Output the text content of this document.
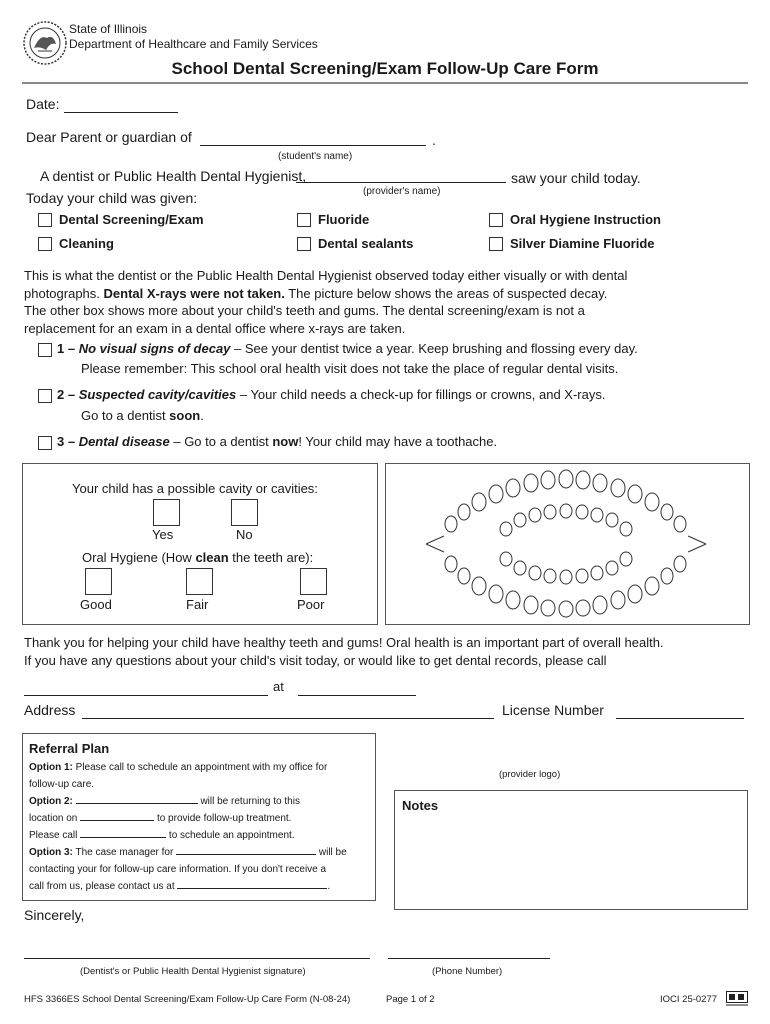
State of Illinois
Department of Healthcare and Family Services
School Dental Screening/Exam Follow-Up Care Form
Date:
Dear Parent or guardian of	.
(student's name)
A dentist or Public Health Dental Hygienist,	saw your child today.
(provider's name)
Today your child was given:
Dental Screening/Exam	Fluoride	Oral Hygiene Instruction
Cleaning	Dental sealants	Silver Diamine Fluoride
This is what the dentist or the Public Health Dental Hygienist observed today either visually or with dental
photographs. Dental X-rays were not taken. The picture below shows the areas of suspected decay.
The other box shows more about your child's teeth and gums. The dental screening/exam is not a
replacement for an exam in a dental office where x-rays are taken.
1 – No visual signs of decay – See your dentist twice a year. Keep brushing and flossing every day.
Please remember: This school oral health visit does not take the place of regular dental visits.
2 – Suspected cavity/cavities – Your child needs a check-up for fillings or crowns, and X-rays.
Go to a dentist soon.
3 – Dental disease – Go to a dentist now! Your child may have a toothache.
Your child has a possible cavity or cavities:
Yes	No
Oral Hygiene (How clean the teeth are):
Good	Fair	Poor
Thank you for helping your child have healthy teeth and gums! Oral health is an important part of overall health.
If you have any questions about your child's visit today, or would like to get dental records, please call
at
Address	License Number
Referral Plan
Option 1: Please call to schedule an appointment with my office for
follow-up care.
Option 2:	will be returning to this
location on	to provide follow-up treatment.
Please call	to schedule an appointment.
Option 3: The case manager for	will be
contacting your for follow-up care information. If you don't receive a
call from us, please contact us at	.
(provider logo)
Notes
Sincerely,
(Dentist's or Public Health Dental Hygienist signature)	(Phone Number)
HFS 3366ES School Dental Screening/Exam Follow-Up Care Form (N-08-24)	Page 1 of 2	IOCI 25-0277
